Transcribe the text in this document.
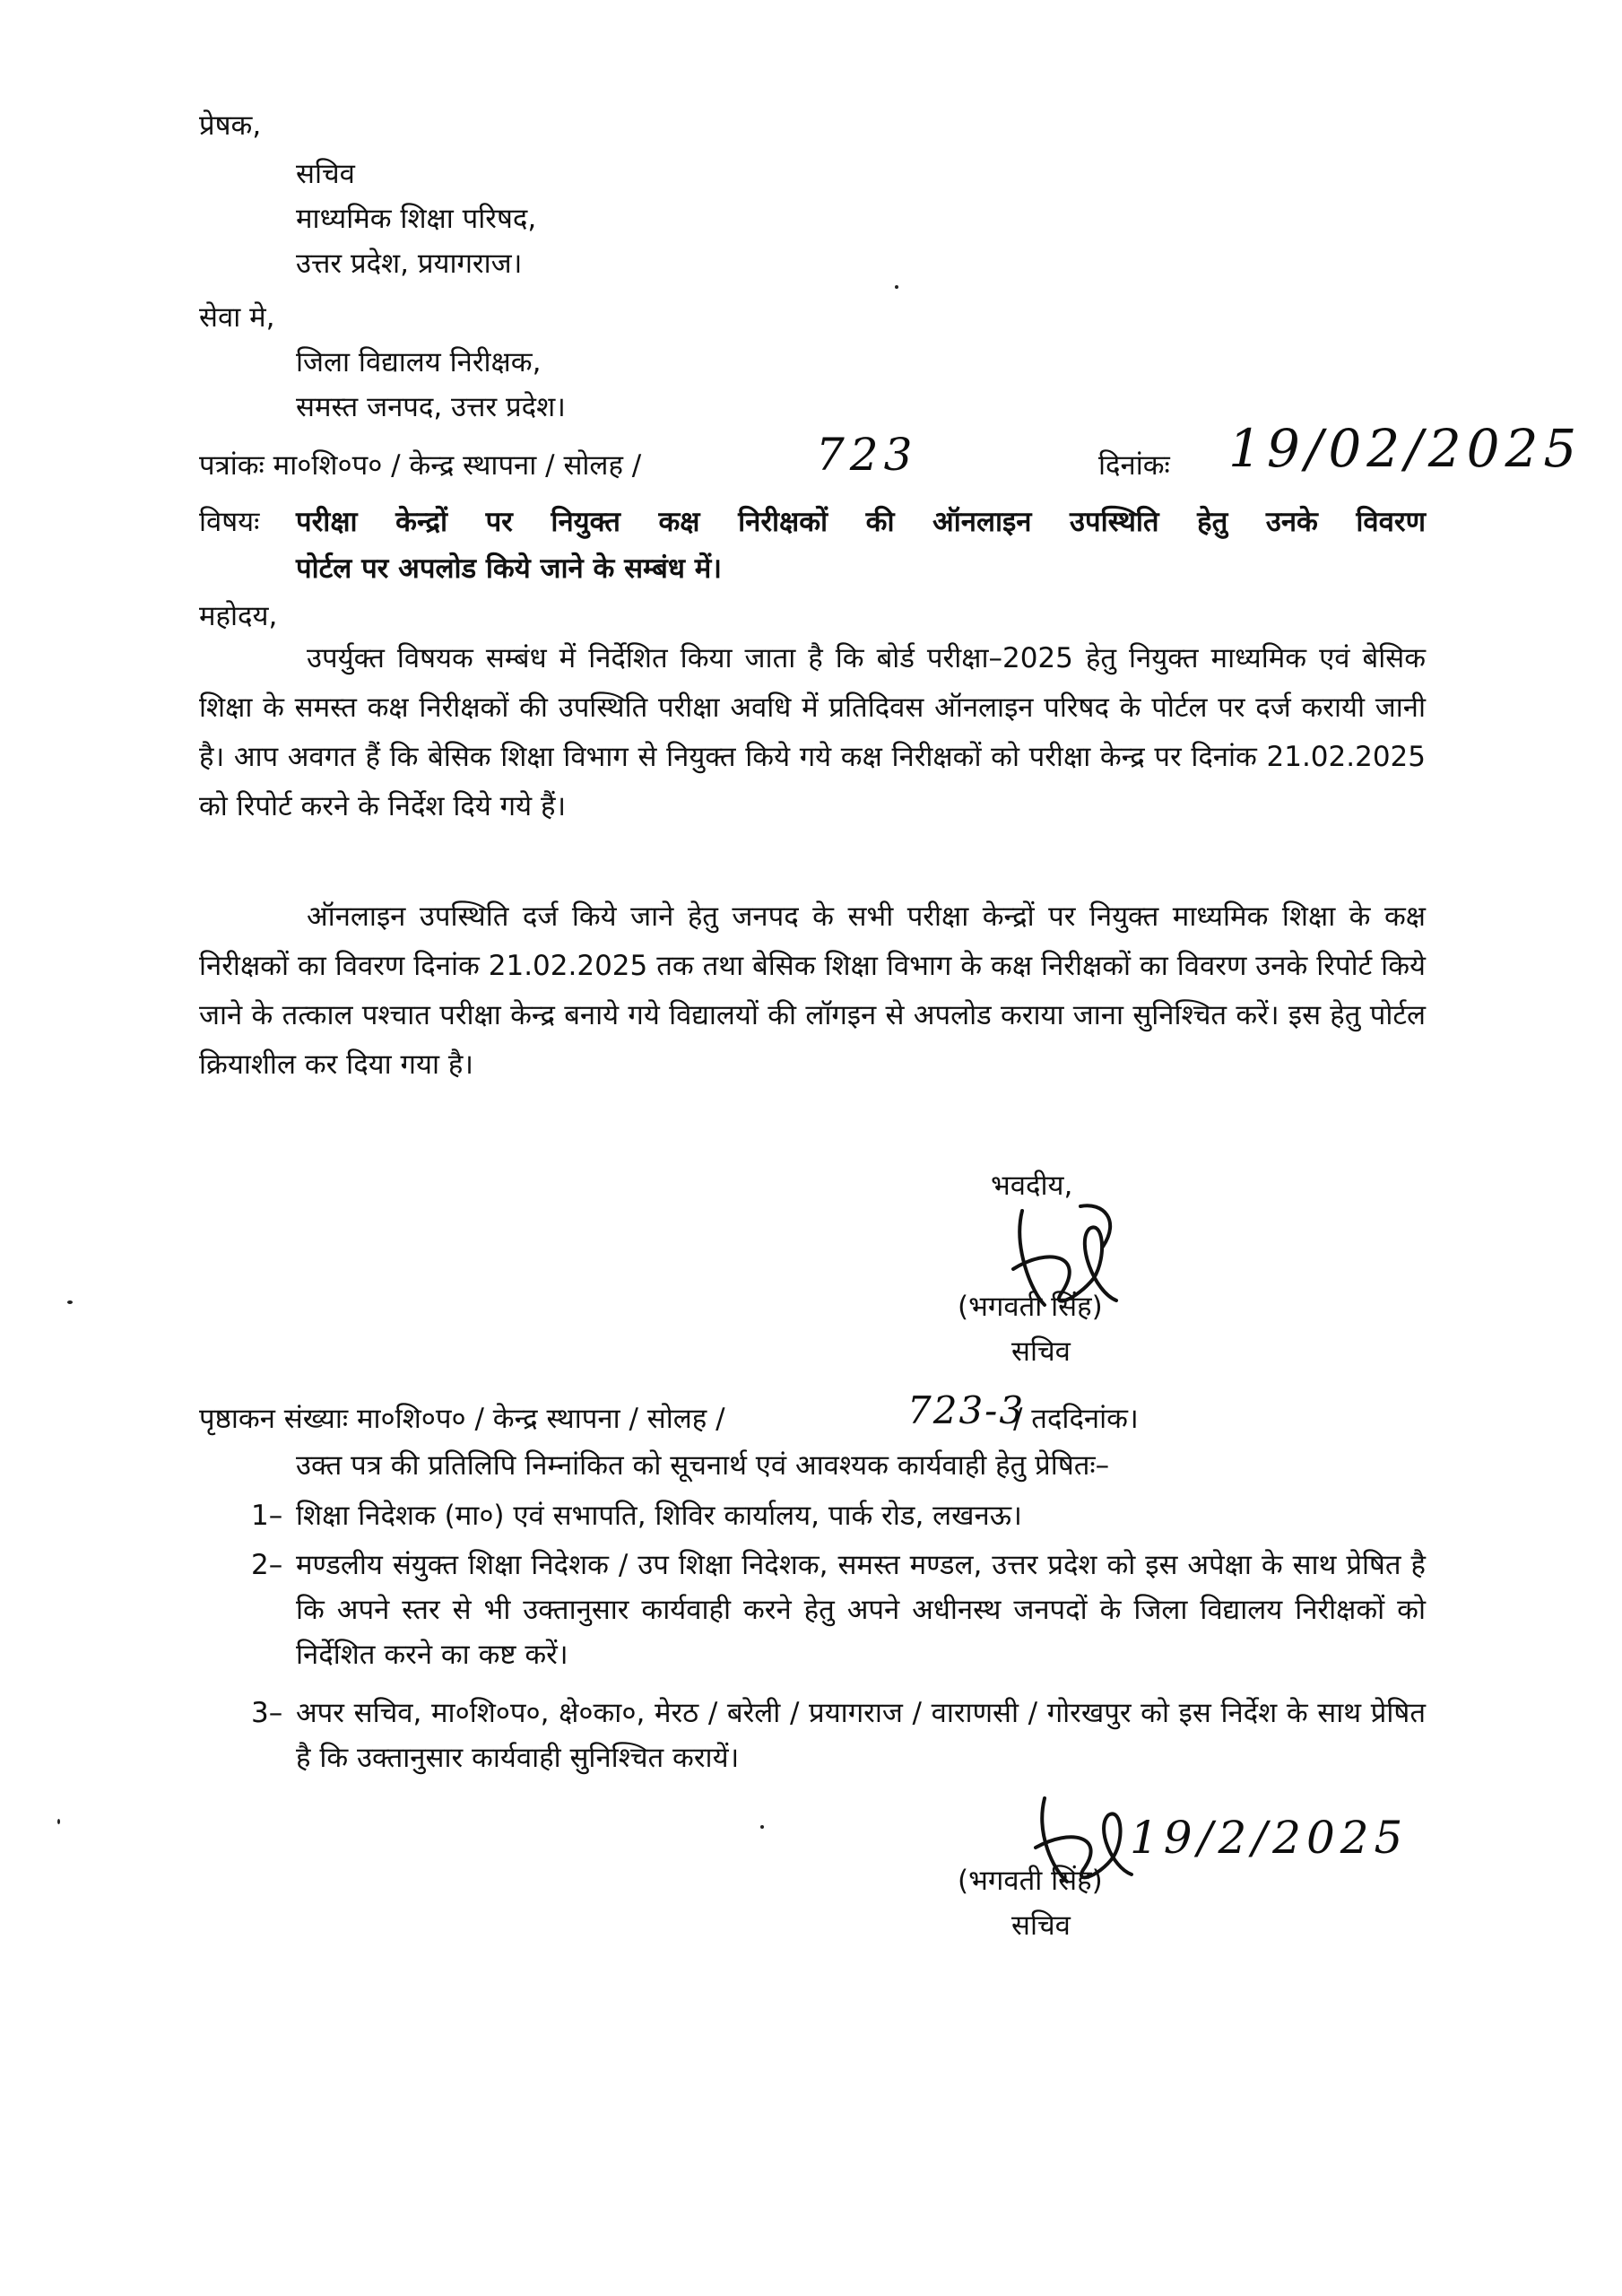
प्रेषक,
सचिव
माध्यमिक शिक्षा परिषद,
उत्तर प्रदेश, प्रयागराज।
सेवा मे,
जिला विद्यालय निरीक्षक,
समस्त जनपद, उत्तर प्रदेश।
पत्रांकः मा०शि०प० / केन्द्र स्थापना / सोलह /	723	दिनांकः 19/02/2025
विषयः परीक्षा केन्द्रों पर नियुक्त कक्ष निरीक्षकों की ऑनलाइन उपस्थिति हेतु उनके विवरण
पोर्टल पर अपलोड किये जाने के सम्बंध में।
महोदय,
उपर्युक्त विषयक सम्बंध में निर्देशित किया जाता है कि बोर्ड परीक्षा–2025 हेतु नियुक्त माध्यमिक एवं बेसिक शिक्षा के समस्त कक्ष निरीक्षकों की उपस्थिति परीक्षा अवधि में प्रतिदिवस ऑनलाइन परिषद के पोर्टल पर दर्ज करायी जानी है। आप अवगत हैं कि बेसिक शिक्षा विभाग से नियुक्त किये गये कक्ष निरीक्षकों को परीक्षा केन्द्र पर दिनांक 21.02.2025 को रिपोर्ट करने के निर्देश दिये गये हैं।
ऑनलाइन उपस्थिति दर्ज किये जाने हेतु जनपद के सभी परीक्षा केन्द्रों पर नियुक्त माध्यमिक शिक्षा के कक्ष निरीक्षकों का विवरण दिनांक 21.02.2025 तक तथा बेसिक शिक्षा विभाग के कक्ष निरीक्षकों का विवरण उनके रिपोर्ट किये जाने के तत्काल पश्चात परीक्षा केन्द्र बनाये गये विद्यालयों की लॉगइन से अपलोड कराया जाना सुनिश्चित करें। इस हेतु पोर्टल क्रियाशील कर दिया गया है।
भवदीय,
(भगवती सिंह)
सचिव
पृष्ठाकन संख्याः मा०शि०प० / केन्द्र स्थापना / सोलह /	723-3
/ तददिनांक।
उक्त पत्र की प्रतिलिपि निम्नांकित को सूचनार्थ एवं आवश्यक कार्यवाही हेतु प्रेषितः–
1– शिक्षा निदेशक (मा०) एवं सभापति, शिविर कार्यालय, पार्क रोड, लखनऊ।
2– मण्डलीय संयुक्त शिक्षा निदेशक / उप शिक्षा निदेशक, समस्त मण्डल, उत्तर प्रदेश को इस अपेक्षा के साथ प्रेषित है कि अपने स्तर से भी उक्तानुसार कार्यवाही करने हेतु अपने अधीनस्थ जनपदों के जिला विद्यालय निरीक्षकों को निर्देशित करने का कष्ट करें।
3– अपर सचिव, मा०शि०प०, क्षे०का०, मेरठ / बरेली / प्रयागराज / वाराणसी / गोरखपुर को इस निर्देश के साथ प्रेषित है कि उक्तानुसार कार्यवाही सुनिश्चित करायें।
19/2/2025
(भगवती सिंह)
सचिव
